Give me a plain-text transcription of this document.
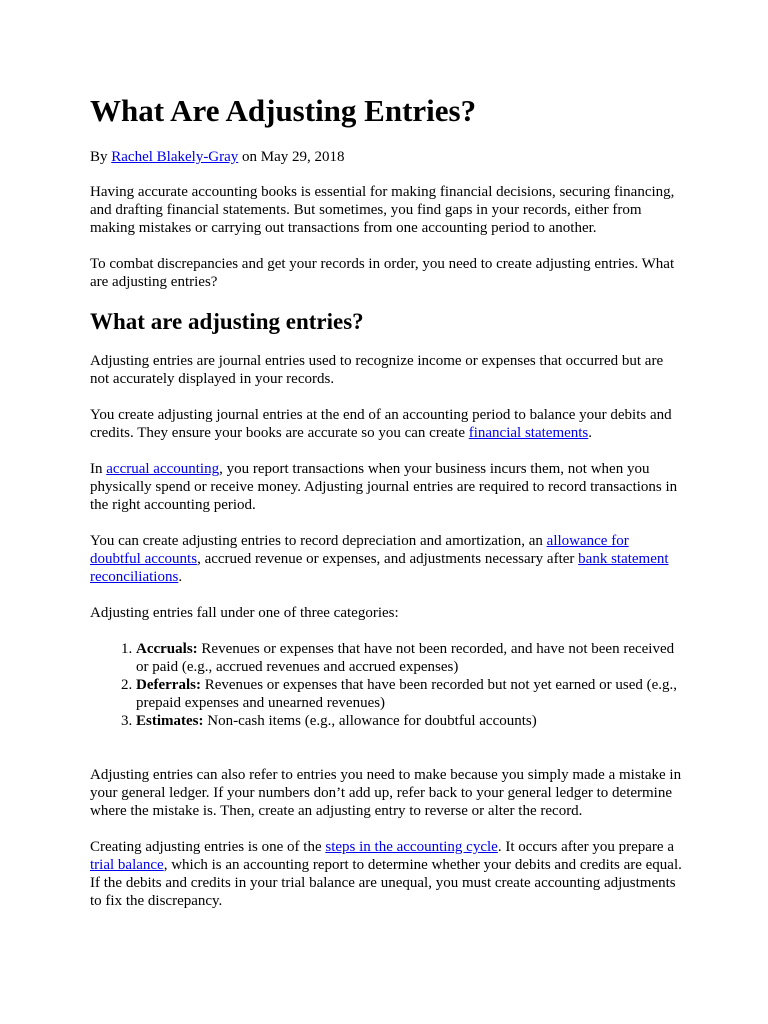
What Are Adjusting Entries?
By Rachel Blakely-Gray on May 29, 2018

Having accurate accounting books is essential for making financial decisions, securing financing, and drafting financial statements. But sometimes, you find gaps in your records, either from making mistakes or carrying out transactions from one accounting period to another.

To combat discrepancies and get your records in order, you need to create adjusting entries. What are adjusting entries?

What are adjusting entries?

Adjusting entries are journal entries used to recognize income or expenses that occurred but are not accurately displayed in your records.

You create adjusting journal entries at the end of an accounting period to balance your debits and credits. They ensure your books are accurate so you can create financial statements.

In accrual accounting, you report transactions when your business incurs them, not when you physically spend or receive money. Adjusting journal entries are required to record transactions in the right accounting period.

You can create adjusting entries to record depreciation and amortization, an allowance for doubtful accounts, accrued revenue or expenses, and adjustments necessary after bank statement reconciliations.

Adjusting entries fall under one of three categories:

1. Accruals: Revenues or expenses that have not been recorded, and have not been received or paid (e.g., accrued revenues and accrued expenses)
2. Deferrals: Revenues or expenses that have been recorded but not yet earned or used (e.g., prepaid expenses and unearned revenues)
3. Estimates: Non-cash items (e.g., allowance for doubtful accounts)

Adjusting entries can also refer to entries you need to make because you simply made a mistake in your general ledger. If your numbers don’t add up, refer back to your general ledger to determine where the mistake is. Then, create an adjusting entry to reverse or alter the record.

Creating adjusting entries is one of the steps in the accounting cycle. It occurs after you prepare a trial balance, which is an accounting report to determine whether your debits and credits are equal. If the debits and credits in your trial balance are unequal, you must create accounting adjustments to fix the discrepancy.
